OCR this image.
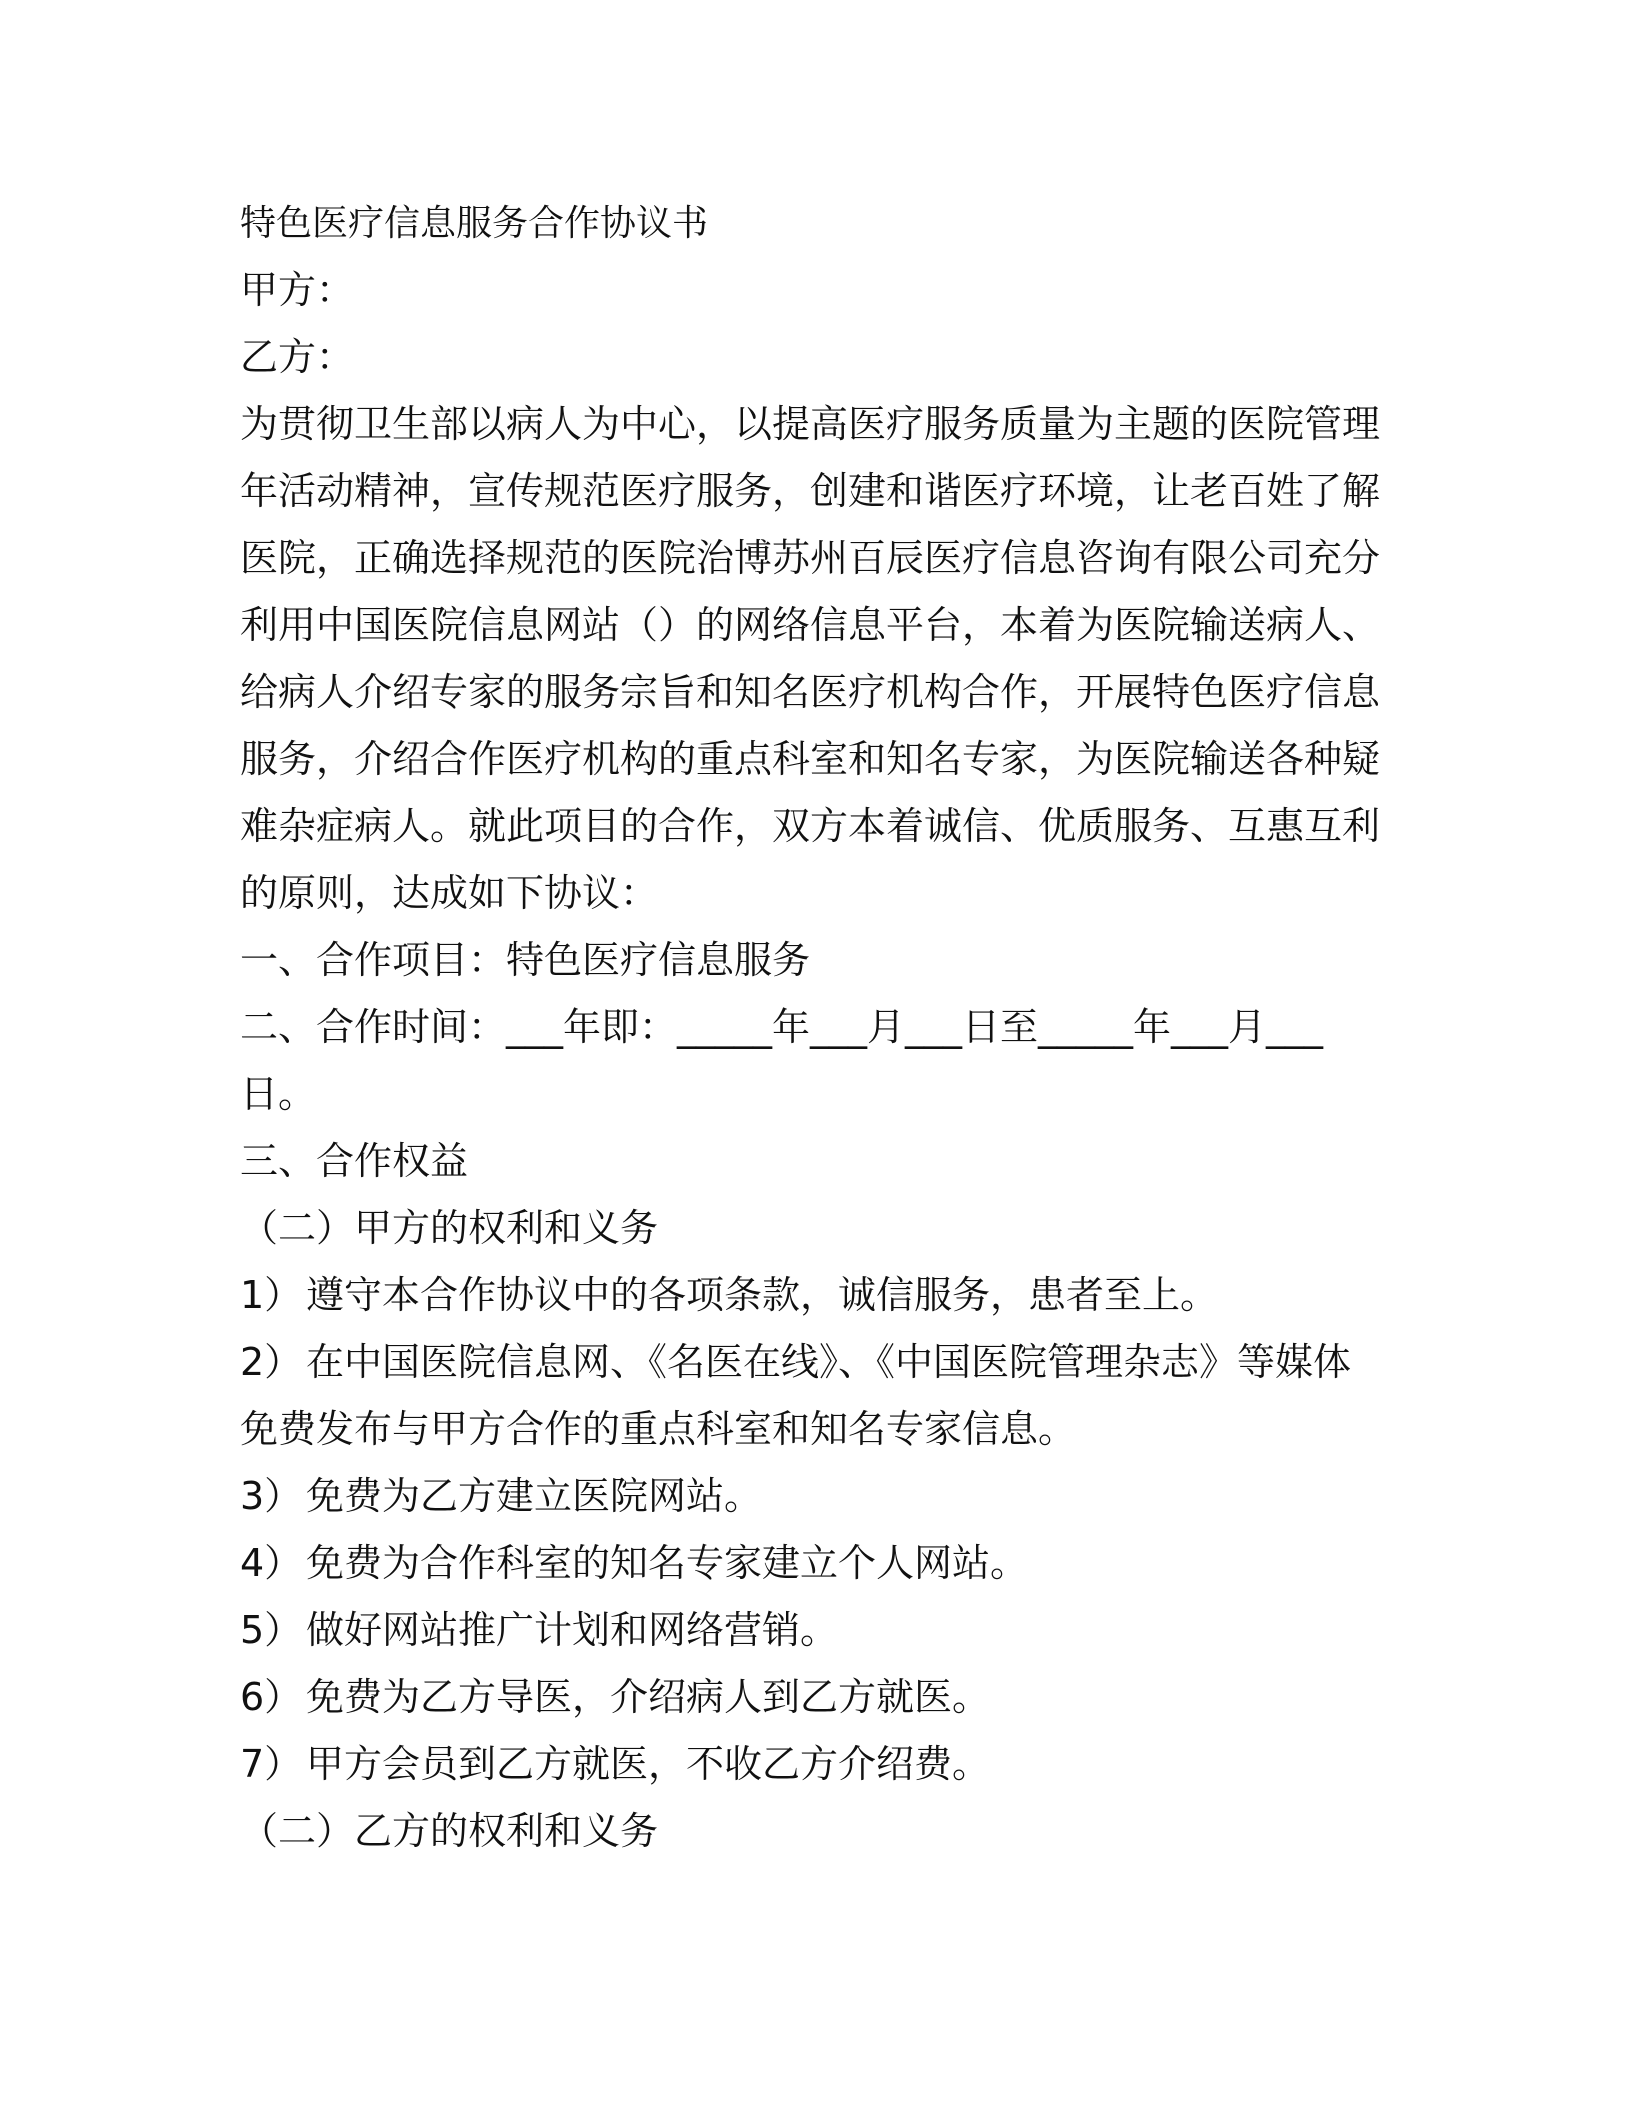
特色医疗信息服务合作协议书

甲方：

乙方：

为贯彻卫生部以病人为中心，以提高医疗服务质量为主题的医院管理

年活动精神，宣传规范医疗服务，创建和谐医疗环境，让老百姓了解

医院，正确选择规范的医院治博苏州百辰医疗信息咨询有限公司充分

利用中国医院信息网站（）的网络信息平台，本着为医院输送病人、

给病人介绍专家的服务宗旨和知名医疗机构合作，开展特色医疗信息

服务，介绍合作医疗机构的重点科室和知名专家，为医院输送各种疑

难杂症病人。就此项目的合作，双方本着诚信、优质服务、互惠互利

的原则，达成如下协议：

一、合作项目：特色医疗信息服务

二、合作时间：___年即：_____年___月___日至_____年___月___

日。

三、合作权益

（二）甲方的权利和义务

1） 遵守本合作协议中的各项条款，诚信服务，患者至上。
2） 在中国医院信息网、《名医在线》、《中国医院管理杂志》等媒体

免费发布与甲方合作的重点科室和知名专家信息。

3） 免费为乙方建立医院网站。
4） 免费为合作科室的知名专家建立个人网站。
5） 做好网站推广计划和网络营销。
6） 免费为乙方导医，介绍病人到乙方就医。
7） 甲方会员到乙方就医，不收乙方介绍费。

（二）乙方的权利和义务
